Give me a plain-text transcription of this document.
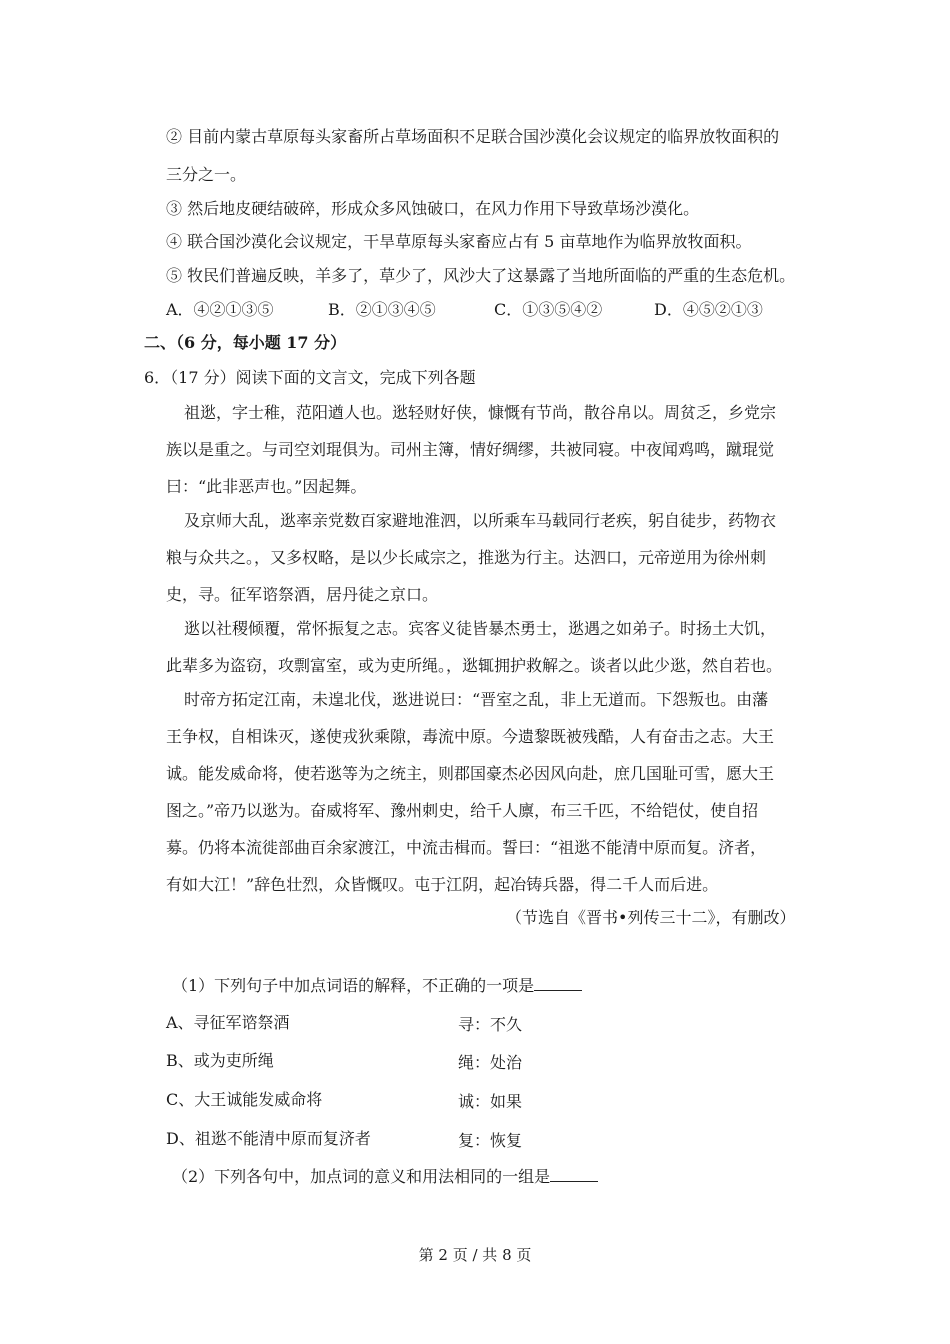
② 目前内蒙古草原每头家畜所占草场面积不足联合国沙漠化会议规定的临界放牧面积的
三分之一。
③ 然后地皮硬结破碎，形成众多风蚀破口，在风力作用下导致草场沙漠化。
④ 联合国沙漠化会议规定，干旱草原每头家畜应占有 5 亩草地作为临界放牧面积。
⑤ 牧民们普遍反映，羊多了，草少了，风沙大了这暴露了当地所面临的严重的生态危机。
A．④②①③⑤	B．②①③④⑤	C．①③⑤④②	D．④⑤②①③
二、（6 分，每小题 17 分）
6．（17 分）阅读下面的文言文，完成下列各题
祖逖，字士稚，范阳遒人也。逖轻财好侠，慷慨有节尚，散谷帛以。周贫乏，乡党宗
族以是重之。与司空刘琨俱为。司州主簿，情好绸缪，共被同寝。中夜闻鸡鸣，蹴琨觉
曰：“此非恶声也。”因起舞。
及京师大乱，逖率亲党数百家避地淮泗，以所乘车马载同行老疾，躬自徒步，药物衣
粮与众共之。，又多权略，是以少长咸宗之，推逖为行主。达泗口，元帝逆用为徐州刺
史，寻。征军谘祭酒，居丹徒之京口。
逖以社稷倾覆，常怀振复之志。宾客义徒皆暴杰勇士，逖遇之如弟子。时扬土大饥，
此辈多为盗窃，攻剽富室，或为吏所绳。，逖辄拥护救解之。谈者以此少逖，然自若也。
时帝方拓定江南，未遑北伐，逖进说曰：“晋室之乱，非上无道而。下怨叛也。由藩
王争权，自相诛灭，遂使戎狄乘隙，毒流中原。今遗黎既被残酷，人有奋击之志。大王
诚。能发威命将，使若逖等为之统主，则郡国豪杰必因风向赴，庶几国耻可雪，愿大王
图之。”帝乃以逖为。奋威将军、豫州刺史，给千人廪，布三千匹，不给铠仗，使自招
募。仍将本流徙部曲百余家渡江，中流击楫而。誓曰：“祖逖不能清中原而复。济者，
有如大江！”辞色壮烈，众皆慨叹。屯于江阴，起冶铸兵器，得二千人而后进。
（节选自《晋书•列传三十二》，有删改）
（1）下列句子中加点词语的解释，不正确的一项是
A、寻征军谘祭酒	寻：不久
B、或为吏所绳	绳：处治
C、大王诚能发威命将	诚：如果
D、祖逖不能清中原而复济者	复：恢复
（2）下列各句中，加点词的意义和用法相同的一组是
第 2 页 / 共 8 页
